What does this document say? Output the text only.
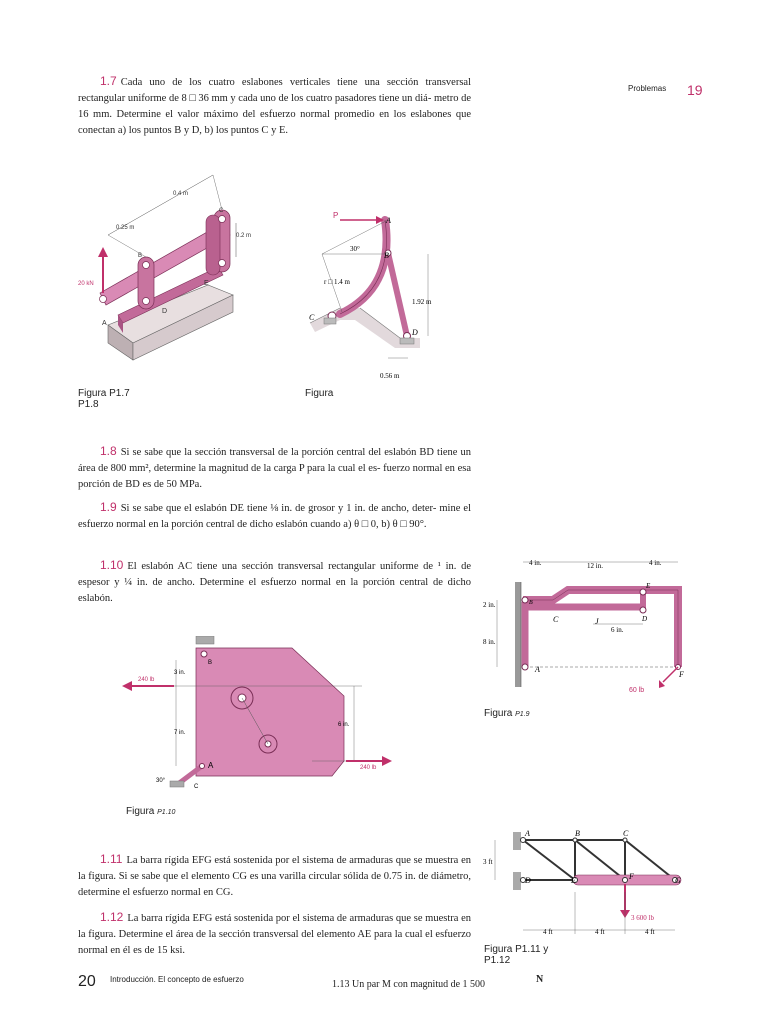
Problemas 19
1.7 Cada uno de los cuatro eslabones verticales tiene una sección transversal rectangular uniforme de 8 □ 36 mm y cada uno de los cuatro pasadores tiene un diá- metro de 16 mm. Determine el valor máximo del esfuerzo normal promedio en los eslabones que conectan a) los puntos B y D, b) los puntos C y E.
0.4 m
0.25 m
0.2 m
20 kN
A
B
C
D
E
Figura P1.7
P1.8
P
A
B
C
D
30°
r □ 1.4 m
1.92 m
0.56 m
Figura
1.8 Si se sabe que la sección transversal de la porción central del eslabón BD tiene un área de 800 mm², determine la magnitud de la carga P para la cual el es- fuerzo normal en esa porción de BD es de 50 MPa.
1.9 Si se sabe que el eslabón DE tiene ⅛ in. de grosor y 1 in. de ancho, deter- mine el esfuerzo normal en la porción central de dicho eslabón cuando a) θ □ 0, b) θ □ 90°.
1.10 El eslabón AC tiene una sección transversal rectangular uniforme de ¹ in. de espesor y ¼ in. de ancho. Determine el esfuerzo normal en la porción central de dicho eslabón.
4 in.	12 in.	4 in.
2 in.
8 in.
6 in.
60 lb
A
B
C	D
E
F
J
Figura P1.9
240 lb
240 lb
3 in.
7 in.
6 in.
30°
A
B
C
Figura P1.10
1.11 La barra rígida EFG está sostenida por el sistema de armaduras que se muestra en la figura. Si se sabe que el elemento CG es una varilla circular sólida de 0.75 in. de diámetro, determine el esfuerzo normal en CG.
1.12 La barra rígida EFG está sostenida por el sistema de armaduras que se muestra en la figura. Determine el área de la sección transversal del elemento AE para la cual el esfuerzo normal en él es de 15 ksi.
A	B	C
D	E	F	G
3 ft
4 ft	4 ft	4 ft
3 600 lb
Figura P1.11 y
P1.12
20 Introducción. El concepto de esfuerzo	1.13 Un par M con magnitud de 1 500	N
